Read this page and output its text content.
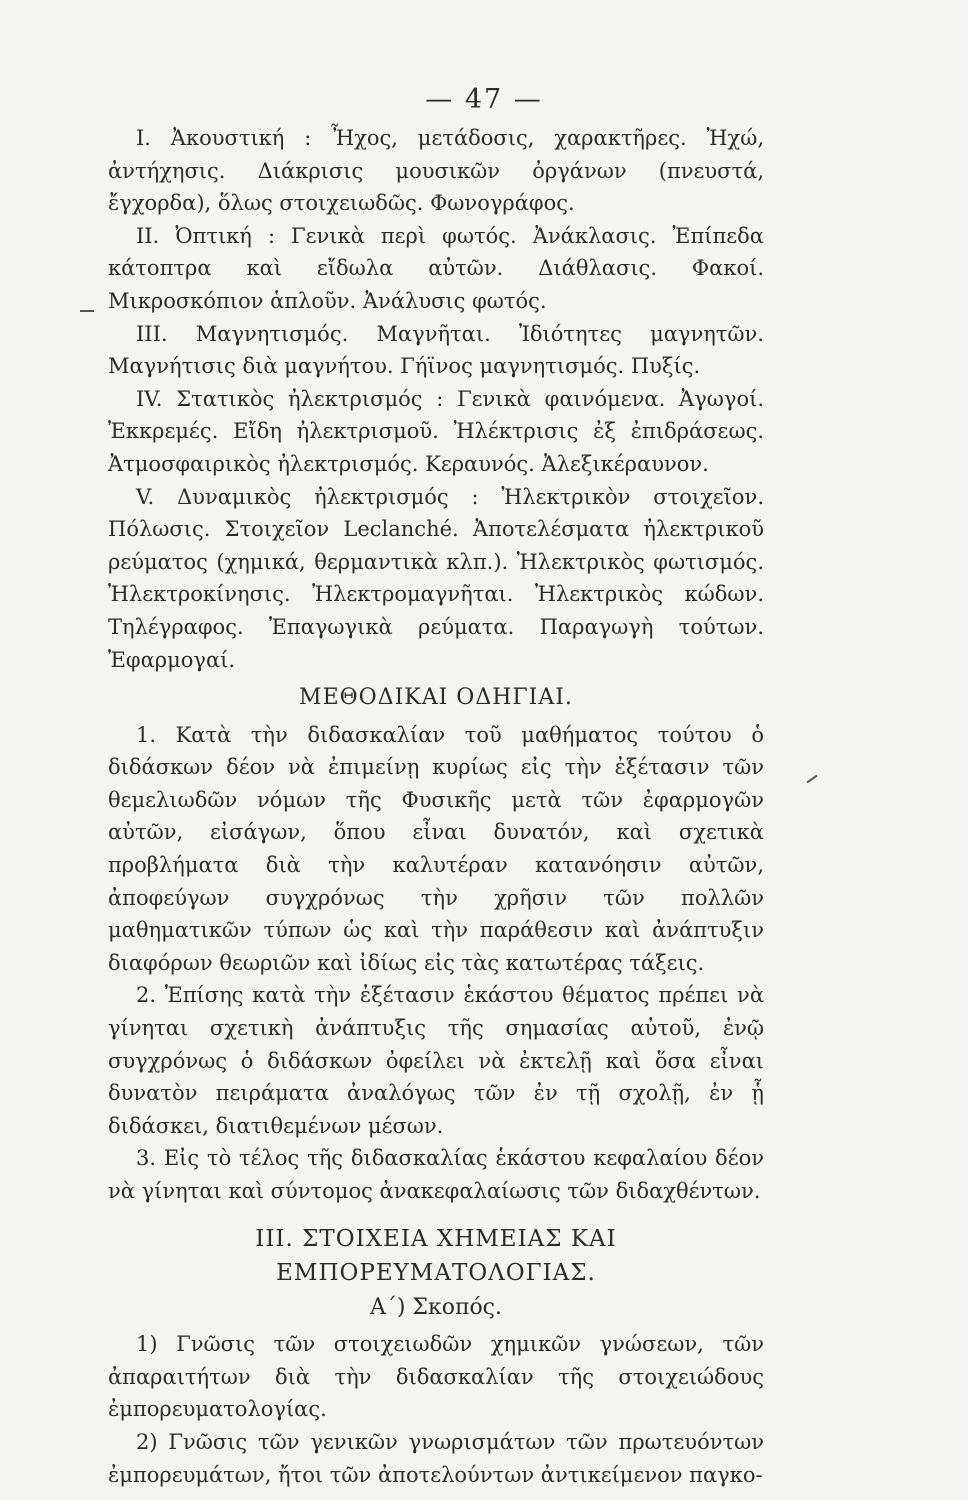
— 47 —

I. Ἀκουστική : Ἦχος, μετάδοσις, χαρακτῆρες. Ἠχώ, ἀντήχησις. Διάκρισις μουσικῶν ὀργάνων (πνευστά, ἔγχορδα), ὅλως στοιχειωδῶς. Φωνογράφος.

II. Ὀπτική : Γενικὰ περὶ φωτός. Ἀνάκλασις. Ἐπίπεδα κάτοπτρα καὶ εἴδωλα αὐτῶν. Διάθλασις. Φακοί. Μικροσκόπιον ἁπλοῦν. Ἀνάλυσις φωτός.

III. Μαγνητισμός. Μαγνῆται. Ἰδιότητες μαγνητῶν. Μαγνήτισις διὰ μαγνήτου. Γήϊνος μαγνητισμός. Πυξίς.

IV. Στατικὸς ἠλεκτρισμός : Γενικὰ φαινόμενα. Ἀγωγοί. Ἐκκρεμές. Εἴδη ἠλεκτρισμοῦ. Ἠλέκτρισις ἐξ ἐπιδράσεως. Ἀτμοσφαιρικὸς ἠλεκτρισμός. Κεραυνός. Ἀλεξικέραυνον.

V. Δυναμικὸς ἠλεκτρισμός : Ἠλεκτρικὸν στοιχεῖον. Πόλωσις. Στοιχεῖον Leclanché. Ἀποτελέσματα ἠλεκτρικοῦ ρεύματος (χημικά, θερμαντικὰ κλπ.). Ἠλεκτρικὸς φωτισμός. Ἠλεκτροκίνησις. Ἠλεκτρομαγνῆται. Ἠλεκτρικὸς κώδων. Τηλέγραφος. Ἐπαγωγικὰ ρεύματα. Παραγωγὴ τούτων. Ἐφαρμογαί.

ΜΕΘΟΔΙΚΑΙ ΟΔΗΓΙΑΙ.

1. Κατὰ τὴν διδασκαλίαν τοῦ μαθήματος τούτου ὁ διδάσκων δέον νὰ ἐπιμείνῃ κυρίως εἰς τὴν ἐξέτασιν τῶν θεμελιωδῶν νόμων τῆς Φυσικῆς μετὰ τῶν ἐφαρμογῶν αὐτῶν, εἰσάγων, ὅπου εἶναι δυνατόν, καὶ σχετικὰ προβλήματα διὰ τὴν καλυτέραν κατανόησιν αὐτῶν, ἀποφεύγων συγχρόνως τὴν χρῆσιν τῶν πολλῶν μαθηματικῶν τύπων ὡς καὶ τὴν παράθεσιν καὶ ἀνάπτυξιν διαφόρων θεωριῶν καὶ ἰδίως εἰς τὰς κατωτέρας τάξεις.

2. Ἐπίσης κατὰ τὴν ἐξέτασιν ἑκάστου θέματος πρέπει νὰ γίνηται σχετικὴ ἀνάπτυξις τῆς σημασίας αὐτοῦ, ἐνῷ συγχρόνως ὁ διδάσκων ὀφείλει νὰ ἐκτελῇ καὶ ὅσα εἶναι δυνατὸν πειράματα ἀναλόγως τῶν ἐν τῇ σχολῇ, ἐν ᾗ διδάσκει, διατιθεμένων μέσων.

3. Εἰς τὸ τέλος τῆς διδασκαλίας ἑκάστου κεφαλαίου δέον νὰ γίνηται καὶ σύντομος ἀνακεφαλαίωσις τῶν διδαχθέντων.

III. ΣΤΟΙΧΕΙΑ ΧΗΜΕΙΑΣ ΚΑΙ ΕΜΠΟΡΕΥΜΑΤΟΛΟΓΙΑΣ.
Α΄) Σκοπός.

1) Γνῶσις τῶν στοιχειωδῶν χημικῶν γνώσεων, τῶν ἀπαραιτήτων διὰ τὴν διδασκαλίαν τῆς στοιχειώδους ἐμπορευματολογίας.

2) Γνῶσις τῶν γενικῶν γνωρισμάτων τῶν πρωτευόντων ἐμπορευμάτων, ἤτοι τῶν ἀποτελούντων ἀντικείμενον παγκο-
